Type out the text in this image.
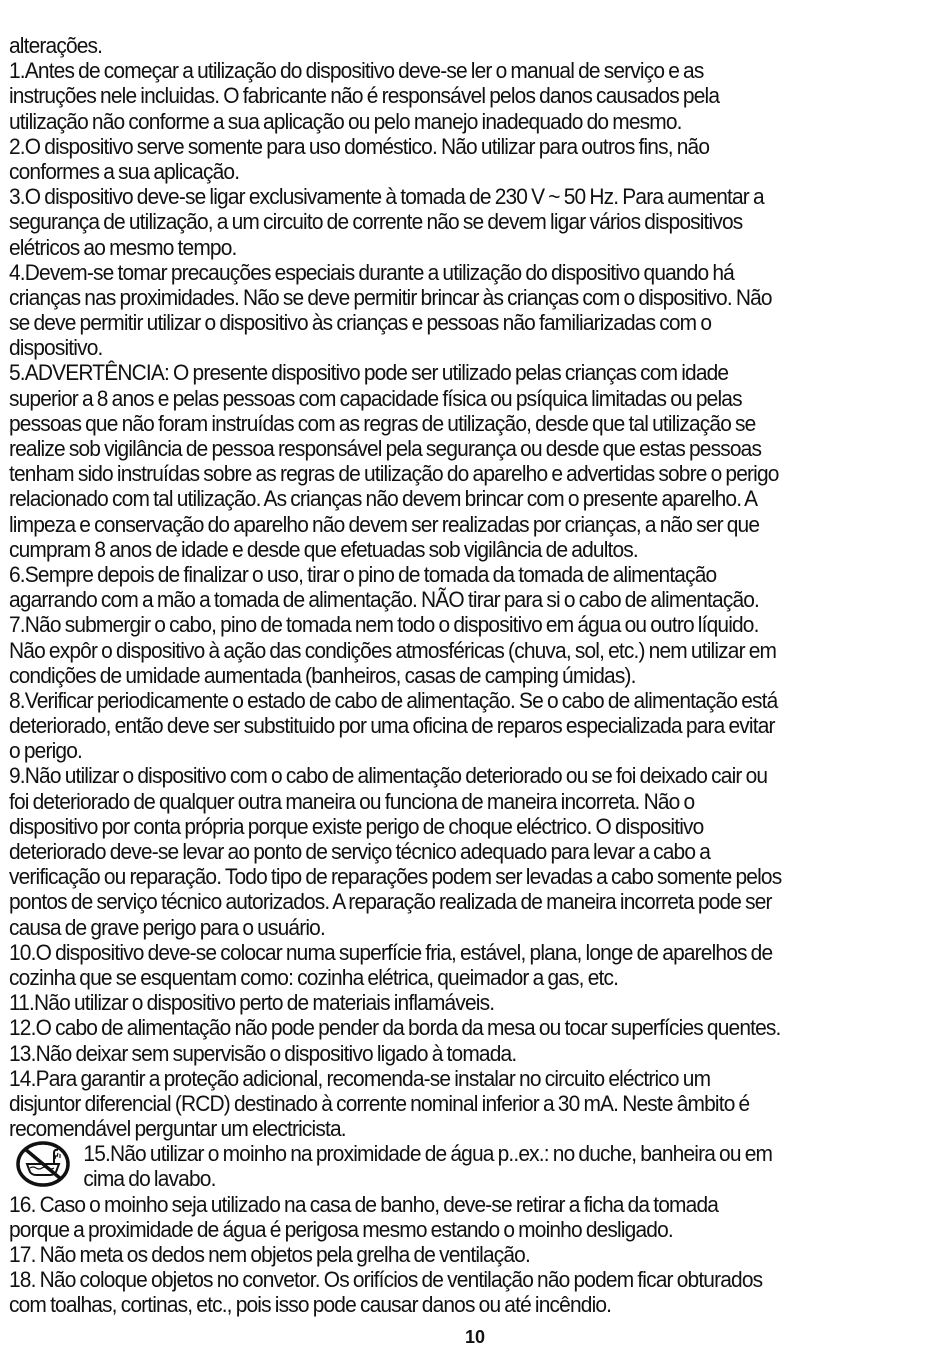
alterações.
1.Antes de começar a utilização do dispositivo deve-se ler o manual de serviço e as
instruções nele incluidas. O fabricante não é responsável pelos danos causados pela
utilização não conforme a sua aplicação ou pelo manejo inadequado do mesmo.
2.O dispositivo serve somente para uso doméstico. Não utilizar para outros fins, não
conformes a sua aplicação.
3.O dispositivo deve-se ligar exclusivamente à tomada de 230 V ~ 50 Hz. Para aumentar a
segurança de utilização, a um circuito de corrente não se devem ligar vários dispositivos
elétricos ao mesmo tempo.
4.Devem-se tomar precauções especiais durante a utilização do dispositivo quando há
crianças nas proximidades. Não se deve permitir brincar às crianças com o dispositivo. Não
se deve permitir utilizar o dispositivo às crianças e pessoas não familiarizadas com o
dispositivo.
5.ADVERTÊNCIA: O presente dispositivo pode ser utilizado pelas crianças com idade
superior a 8 anos e pelas pessoas com capacidade física ou psíquica limitadas ou pelas
pessoas que não foram instruídas com as regras de utilização, desde que tal utilização se
realize sob vigilância de pessoa responsável pela segurança ou desde que estas pessoas
tenham sido instruídas sobre as regras de utilização do aparelho e advertidas sobre o perigo
relacionado com tal utilização. As crianças não devem brincar com o presente aparelho. A
limpeza e conservação do aparelho não devem ser realizadas por crianças, a não ser que
cumpram 8 anos de idade e desde que efetuadas sob vigilância de adultos.
6.Sempre depois de finalizar o uso, tirar o pino de tomada da tomada de alimentação
agarrando com a mão a tomada de alimentação. NÃO tirar para si o cabo de alimentação.
7.Não submergir o cabo, pino de tomada nem todo o dispositivo em água ou outro líquido.
Não expôr o dispositivo à ação das condições atmosféricas (chuva, sol, etc.) nem utilizar em
condições de umidade aumentada (banheiros, casas de camping úmidas).
8.Verificar periodicamente o estado de cabo de alimentação. Se o cabo de alimentação está
deteriorado, então deve ser substituido por uma oficina de reparos especializada para evitar
o perigo.
9.Não utilizar o dispositivo com o cabo de alimentação deteriorado ou se foi deixado cair ou
foi deteriorado de qualquer outra maneira ou funciona de maneira incorreta. Não o
dispositivo por conta própria porque existe perigo de choque eléctrico. O dispositivo
deteriorado deve-se levar ao ponto de serviço técnico adequado para levar a cabo a
verificação ou reparação. Todo tipo de reparações podem ser levadas a cabo somente pelos
pontos de serviço técnico autorizados. A reparação realizada de maneira incorreta pode ser
causa de grave perigo para o usuário.
10.O dispositivo deve-se colocar numa superfície fria, estável, plana, longe de aparelhos de
cozinha que se esquentam como: cozinha elétrica, queimador a gas, etc.
11.Não utilizar o dispositivo perto de materiais inflamáveis.
12.O cabo de alimentação não pode pender da borda da mesa ou tocar superfícies quentes.
13.Não deixar sem supervisão o dispositivo ligado à tomada.
14.Para garantir a proteção adicional, recomenda-se instalar no circuito eléctrico um
disjuntor diferencial (RCD) destinado à corrente nominal inferior a 30 mA. Neste âmbito é
recomendável perguntar um electricista.
15.Não utilizar o moinho na proximidade de água p..ex.: no duche, banheira ou em
cima do lavabo.
16. Caso o moinho seja utilizado na casa de banho, deve-se retirar a ficha da tomada
porque a proximidade de água é perigosa mesmo estando o moinho desligado.
17. Não meta os dedos nem objetos pela grelha de ventilação.
18. Não coloque objetos no convetor. Os orifícios de ventilação não podem ficar obturados
com toalhas, cortinas, etc., pois isso pode causar danos ou até incêndio.
10
